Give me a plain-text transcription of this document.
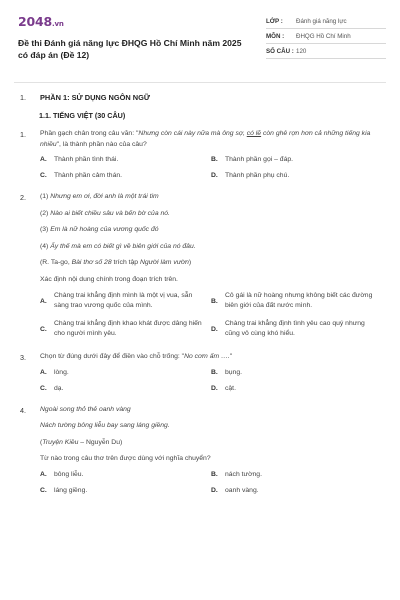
2048.vn
Đề thi Đánh giá năng lực ĐHQG Hồ Chí Minh năm 2025 có đáp án (Đề 12)
LỚP :	Đánh giá năng lực
MÔN :	ĐHQG Hồ Chí Minh
SỐ CÂU : 120
1.	PHẦN 1: SỬ DỤNG NGÔN NGỮ
1.1. TIẾNG VIỆT (30 CÂU)
1.	Phần gạch chân trong câu văn: "Nhưng còn cái này nữa mà ông sợ, có lẽ còn ghê rợn hơn cả những tiếng kia nhiều", là thành phần nào của câu?
A.	Thành phần tình thái.	B.	Thành phần gọi – đáp.
C.	Thành phần cảm thán.	D.	Thành phần phụ chú.
2.	(1) Nhưng em ơi, đời anh là một trái tim
(2) Nào ai biết chiều sâu và bến bờ của nó.
(3) Em là nữ hoàng của vương quốc đó
(4) Ấy thế mà em có biết gì về biên giới của nó đâu.
(R. Ta-go, Bài thơ số 28 trích tập Người làm vườn)
Xác định nội dung chính trong đoạn trích trên.
A.
Chàng trai khẳng định mình là một vị vua, sẵn sàng trao vương quốc của mình.
B.
Cô gái là nữ hoàng nhưng không biết các đường biên giới của đất nước mình.
C.
Chàng trai khẳng định khao khát được dâng hiến cho người mình yêu.
D.
Chàng trai khẳng định tình yêu cao quý nhưng cũng vô cùng khó hiểu.
3.	Chọn từ đúng dưới đây để điền vào chỗ trống: "No cơm ấm …."
A.	lòng.	B.	bụng.
C.	dạ.	D.	cật.
4.	Ngoài song thỏ thẻ oanh vàng
Nách tường bông liễu bay sang láng giềng.
(Truyện Kiều – Nguyễn Du)
Từ nào trong câu thơ trên được dùng với nghĩa chuyển?
A.	bông liễu.	B.	nách tường.
C.	láng giềng.	D.	oanh vàng.
